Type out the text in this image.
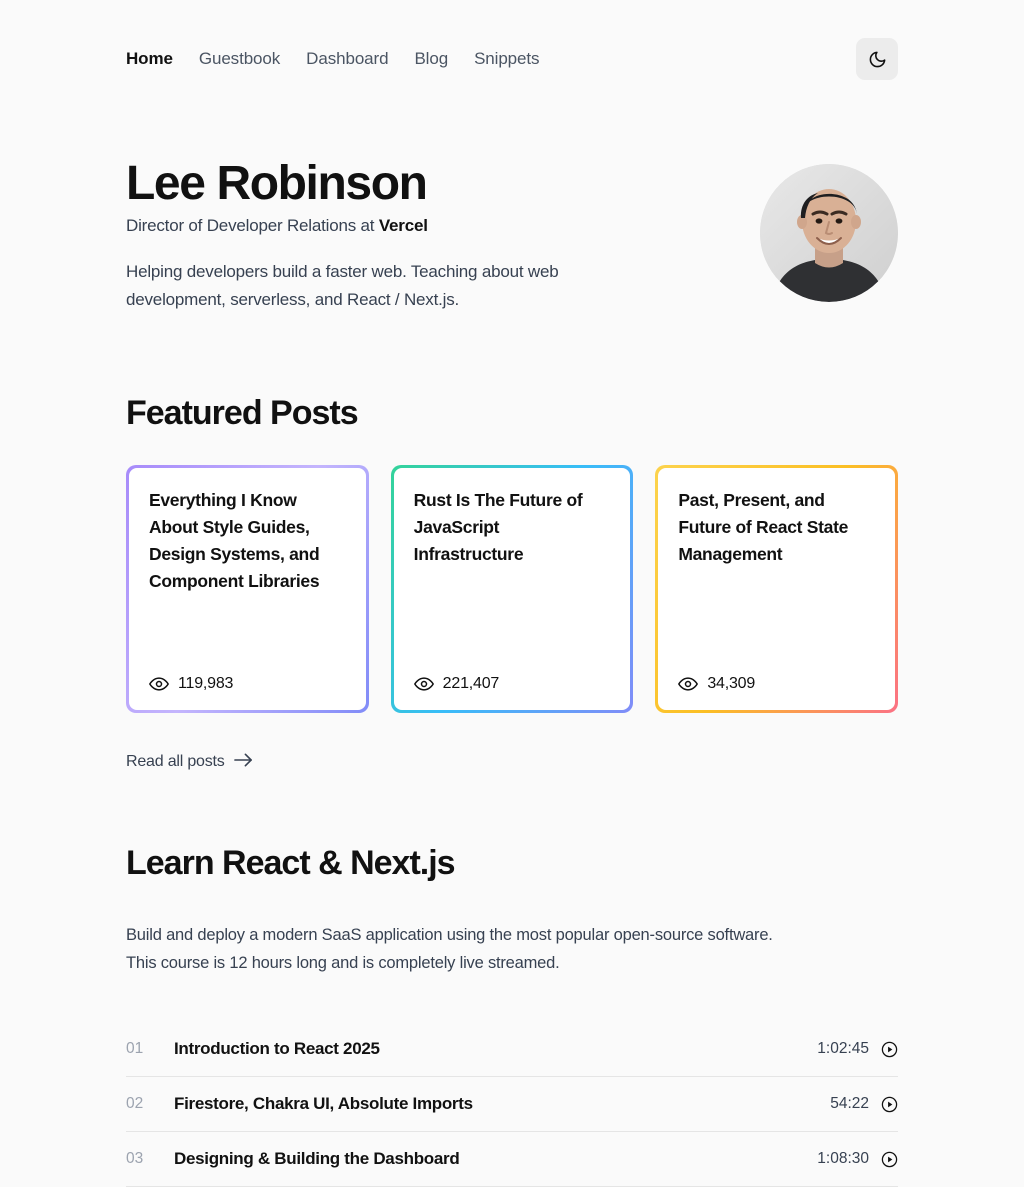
Home Guestbook Dashboard Blog Snippets
Lee Robinson

Director of Developer Relations at Vercel

Helping developers build a faster web. Teaching about web development, serverless, and React / Next.js.

Featured Posts
Everything I Know About Style Guides, Design Systems, and Component Libraries
119,983
Rust Is The Future of JavaScript Infrastructure
221,407
Past, Present, and Future of React State Management
34,309
Read all posts
Learn React & Next.js

Build and deploy a modern SaaS application using the most popular open-source software. This course is 12 hours long and is completely live streamed.

01	Introduction to React 2025	1:02:45
02	Firestore, Chakra UI, Absolute Imports	54:22
03	Designing & Building the Dashboard	1:08:30
